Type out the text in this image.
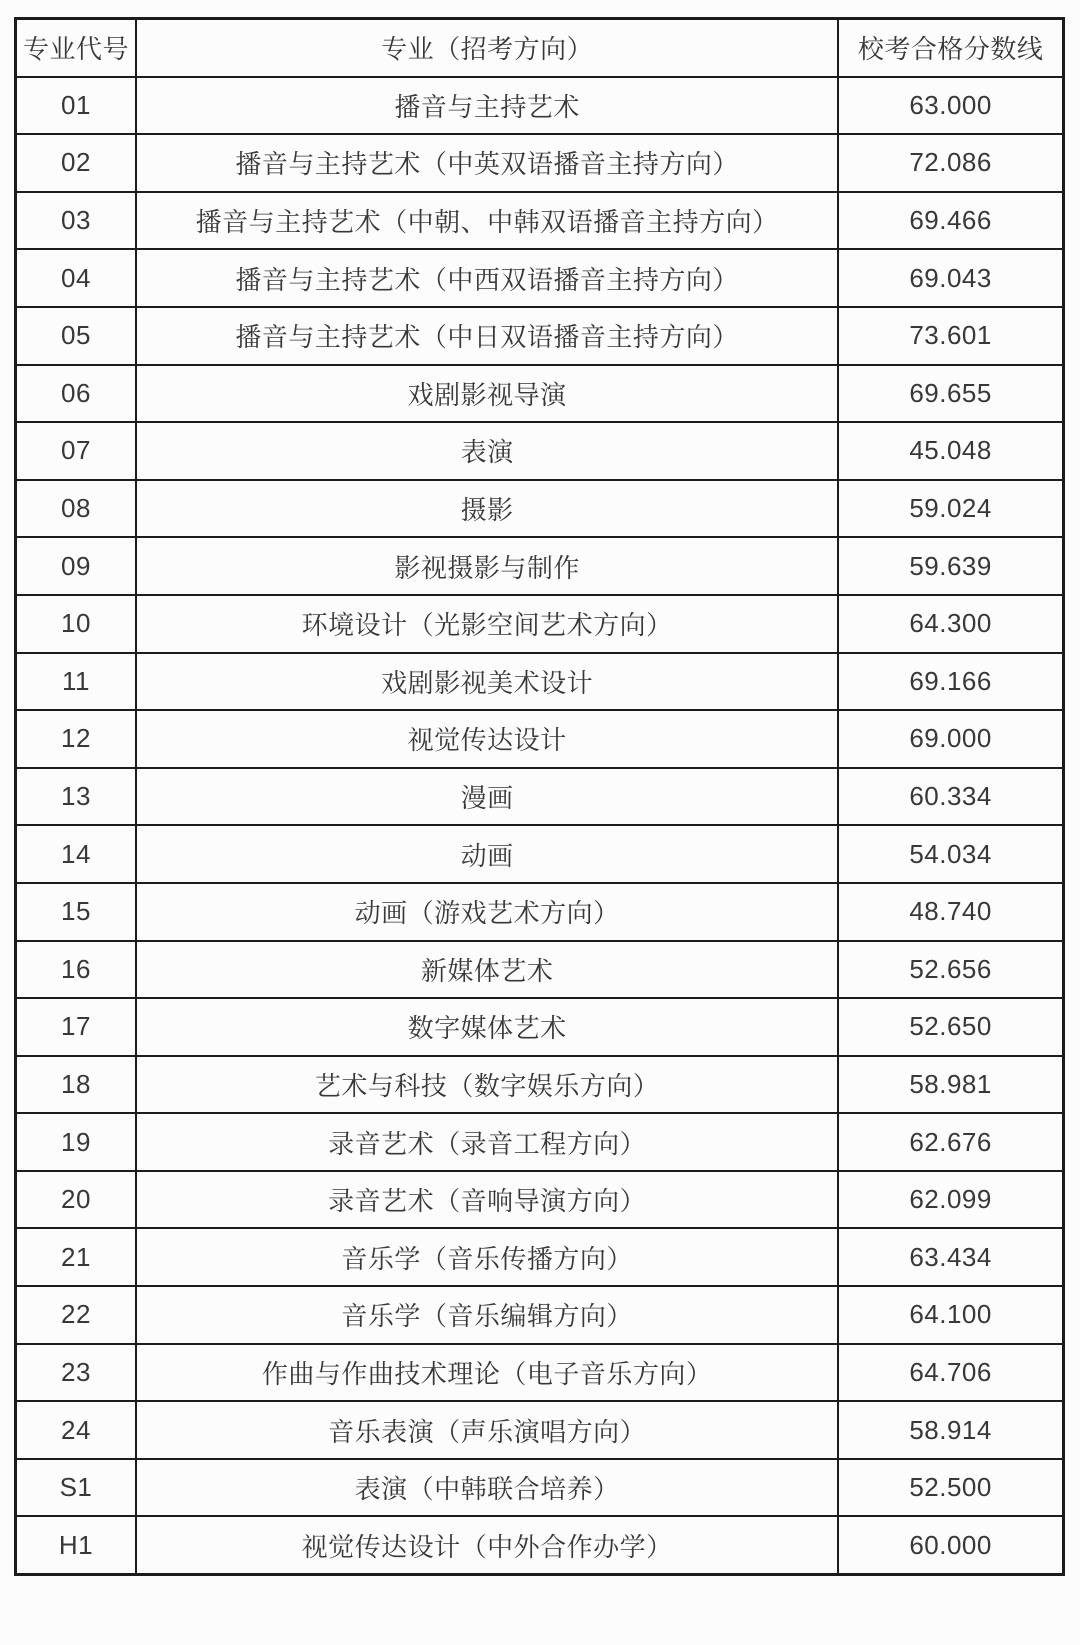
专业代号	专业（招考方向）	校考合格分数线
01	播音与主持艺术	63.000
02	播音与主持艺术（中英双语播音主持方向）	72.086
03	播音与主持艺术（中朝、中韩双语播音主持方向）	69.466
04	播音与主持艺术（中西双语播音主持方向）	69.043
05	播音与主持艺术（中日双语播音主持方向）	73.601
06	戏剧影视导演	69.655
07	表演	45.048
08	摄影	59.024
09	影视摄影与制作	59.639
10	环境设计（光影空间艺术方向）	64.300
11	戏剧影视美术设计	69.166
12	视觉传达设计	69.000
13	漫画	60.334
14	动画	54.034
15	动画（游戏艺术方向）	48.740
16	新媒体艺术	52.656
17	数字媒体艺术	52.650
18	艺术与科技（数字娱乐方向）	58.981
19	录音艺术（录音工程方向）	62.676
20	录音艺术（音响导演方向）	62.099
21	音乐学（音乐传播方向）	63.434
22	音乐学（音乐编辑方向）	64.100
23	作曲与作曲技术理论（电子音乐方向）	64.706
24	音乐表演（声乐演唱方向）	58.914
S1	表演（中韩联合培养）	52.500
H1	视觉传达设计（中外合作办学）	60.000
